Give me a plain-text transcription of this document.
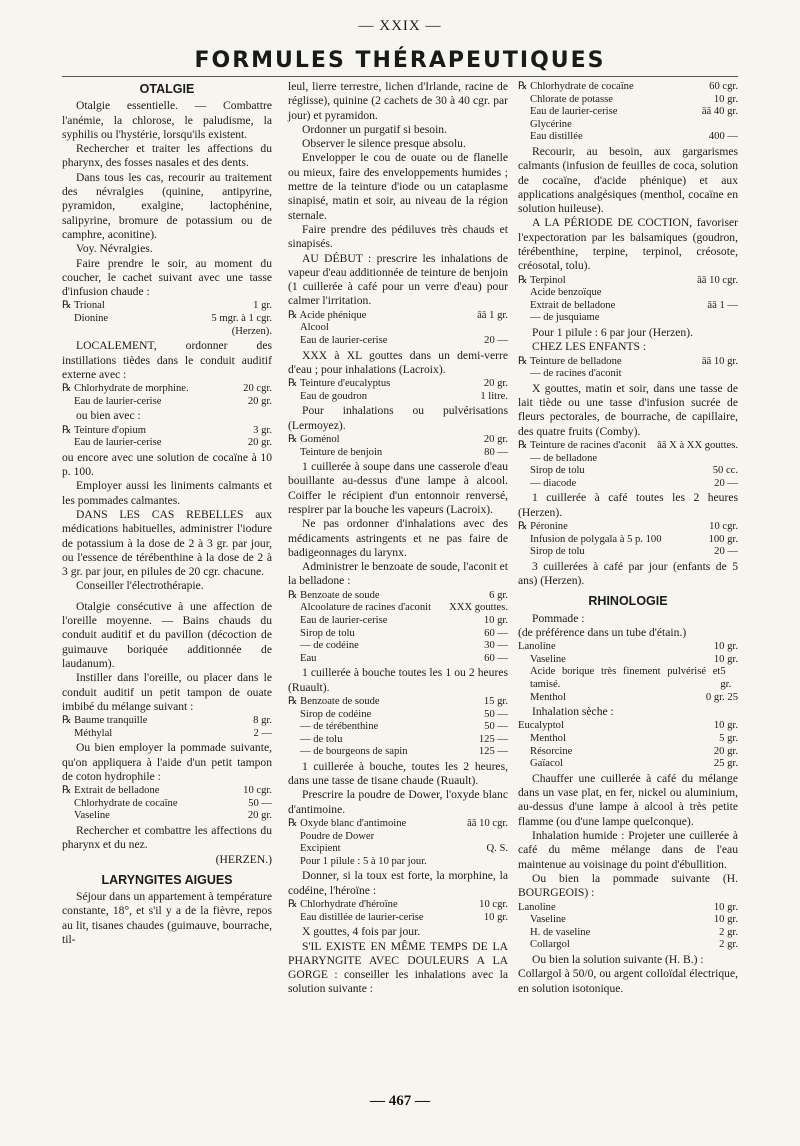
— XXIX —
FORMULES THÉRAPEUTIQUES
OTALGIE

Otalgie essentielle. — Combattre l'anémie, la chlorose, le paludisme, la syphilis ou l'hystérie, lorsqu'ils existent.

Rechercher et traiter les affections du pharynx, des fosses nasales et des dents.

Dans tous les cas, recourir au traitement des névralgies (quinine, antipyrine, pyramidon, exalgine, lactophénine, salipyrine, bromure de potassium ou de camphre, aconitine).

Voy. Névralgies.

Faire prendre le soir, au moment du coucher, le cachet suivant avec une tasse d'infusion chaude :

℞ Trional	1 gr.
Dionine	5 mgr. à 1 cgr.
(Herzen).

LOCALEMENT, ordonner des instillations tièdes dans le conduit auditif externe avec :

℞ Chlorhydrate de morphine.	20 cgr.
Eau de laurier-cerise	20 gr.

ou bien avec :

℞ Teinture d'opium	3 gr.
Eau de laurier-cerise	20 gr.

ou encore avec une solution de cocaïne à 10 p. 100.

Employer aussi les liniments calmants et les pommades calmantes.

DANS LES CAS REBELLES aux médications habituelles, administrer l'iodure de potassium à la dose de 2 à 3 gr. par jour, ou l'essence de térébenthine à la dose de 2 à 3 gr. par jour, en pilules de 20 cgr. chacune.

Conseiller l'électrothérapie.

Otalgie consécutive à une affection de l'oreille moyenne. — Bains chauds du conduit auditif et du pavillon (décoction de guimauve boriquée additionnée de laudanum).

Instiller dans l'oreille, ou placer dans le conduit auditif un petit tampon de ouate imbibé du mélange suivant :

℞ Baume tranquille	8 gr.
Méthylal	2 —

Ou bien employer la pommade suivante, qu'on appliquera à l'aide d'un petit tampon de coton hydrophile :

℞ Extrait de belladone	10 cgr.
Chlorhydrate de cocaïne	50 —
Vaseline	20 gr.

Rechercher et combattre les affections du pharynx et du nez.

(HERZEN.)

LARYNGITES AIGUES

Séjour dans un appartement à température constante, 18°, et s'il y a de la fièvre, repos au lit, tisanes chaudes (guimauve, bourrache, til-

leul, lierre terrestre, lichen d'Irlande, racine de réglisse), quinine (2 cachets de 30 à 40 cgr. par jour) et pyramidon.

Ordonner un purgatif si besoin.

Observer le silence presque absolu.

Envelopper le cou de ouate ou de flanelle ou mieux, faire des enveloppements humides ; mettre de la teinture d'iode ou un cataplasme sinapisé, matin et soir, au niveau de la région sternale.

Faire prendre des pédiluves très chauds et sinapisés.

AU DÉBUT : prescrire les inhalations de vapeur d'eau additionnée de teinture de benjoin (1 cuillerée à café pour un verre d'eau) pour calmer l'irritation.

℞ Acide phénique	āā 1 gr.
Alcool
Eau de laurier-cerise	20 —

XXX à XL gouttes dans un demi-verre d'eau ; pour inhalations (Lacroix).

℞ Teinture d'eucalyptus	20 gr.
Eau de goudron	1 litre.

Pour inhalations ou pulvérisations (Lermoyez).

℞ Goménol	20 gr.
Teinture de benjoin	80 —

1 cuillerée à soupe dans une casserole d'eau bouillante au-dessus d'une lampe à alcool. Coiffer le récipient d'un entonnoir renversé, respirer par la bouche les vapeurs (Lacroix).

Ne pas ordonner d'inhalations avec des médicaments astringents et ne pas faire de badigeonnages du larynx.

Administrer le benzoate de soude, l'aconit et la belladone :

℞ Benzoate de soude	6 gr.
Alcoolature de racines d'aconit XXX gouttes.
Eau de laurier-cerise	10 gr.
Sirop de tolu	60 —
— de codéine	30 —
Eau	60 —

1 cuillerée à bouche toutes les 1 ou 2 heures (Ruault).

℞ Benzoate de soude	15 gr.
Sirop de codéine	50 —
— de térébenthine	50 —
— de tolu	125 —
— de bourgeons de sapin	125 —

1 cuillerée à bouche, toutes les 2 heures, dans une tasse de tisane chaude (Ruault).

Prescrire la poudre de Dower, l'oxyde blanc d'antimoine.

℞ Oxyde blanc d'antimoine	āā 10 cgr.
Poudre de Dower
Excipient	Q. S.
Pour 1 pilule : 5 à 10 par jour.

Donner, si la toux est forte, la morphine, la codéine, l'héroïne :

℞ Chlorhydrate d'héroïne	10 cgr.
Eau distillée de laurier-cerise	10 gr.

X gouttes, 4 fois par jour.

S'IL EXISTE EN MÊME TEMPS DE LA PHARYNGITE AVEC DOULEURS A LA GORGE : conseiller les inhalations avec la solution suivante :

℞ Chlorhydrate de cocaïne	60 cgr.
Chlorate de potasse	10 gr.
Eau de laurier-cerise	āā 40 gr.
Glycérine
Eau distillée	400 —

Recourir, au besoin, aux gargarismes calmants (infusion de feuilles de coca, solution de cocaïne, d'acide phénique) et aux applications analgésiques (menthol, cocaïne en solution huileuse).

A LA PÉRIODE DE COCTION, favoriser l'expectoration par les balsamiques (goudron, térébenthine, terpine, terpinol, créosote, créosotal, tolu).

℞ Terpinol	āā 10 cgr.
Acide benzoïque
Extrait de belladone	āā 1 —
— de jusquiame

Pour 1 pilule : 6 par jour (Herzen).

CHEZ LES ENFANTS :

℞ Teinture de belladone	āā 10 gr.
— de racines d'aconit

X gouttes, matin et soir, dans une tasse de lait tiède ou une tasse d'infusion sucrée de fleurs pectorales, de bourrache, de capillaire, des quatre fruits (Comby).

℞ Teinture de racines d'aconit āā X à XX gouttes.
— de belladone
Sirop de tolu	50 cc.
— diacode	20 —

1 cuillerée à café toutes les 2 heures (Herzen).

℞ Péronine	10 cgr.
Infusion de polygala à 5 p. 100	100 gr.
Sirop de tolu	20 —

3 cuillerées à café par jour (enfants de 5 ans) (Herzen).

RHINOLOGIE

Pommade :

(de préférence dans un tube d'étain.)

Lanoline	10 gr.
Vaseline	10 gr.
Acide borique très finement pulvérisé et tamisé.
5 gr.
Menthol	0 gr. 25

Inhalation sèche :

Eucalyptol	10 gr.
Menthol	5 gr.
Résorcine	20 gr.
Gaïacol	25 gr.

Chauffer une cuillerée à café du mélange dans un vase plat, en fer, nickel ou aluminium, au-dessus d'une lampe à alcool à très petite flamme (ou d'une lampe quelconque).

Inhalation humide : Projeter une cuillerée à café du même mélange dans de l'eau maintenue au voisinage du point d'ébullition.

Ou bien la pommade suivante (H. BOURGEOIS) :

Lanoline	10 gr.
Vaseline	10 gr.
H. de vaseline	2 gr.
Collargol	2 gr.

Ou bien la solution suivante (H. B.) :

Collargol à 50/0, ou argent colloïdal électrique, en solution isotonique.

— 467 —
